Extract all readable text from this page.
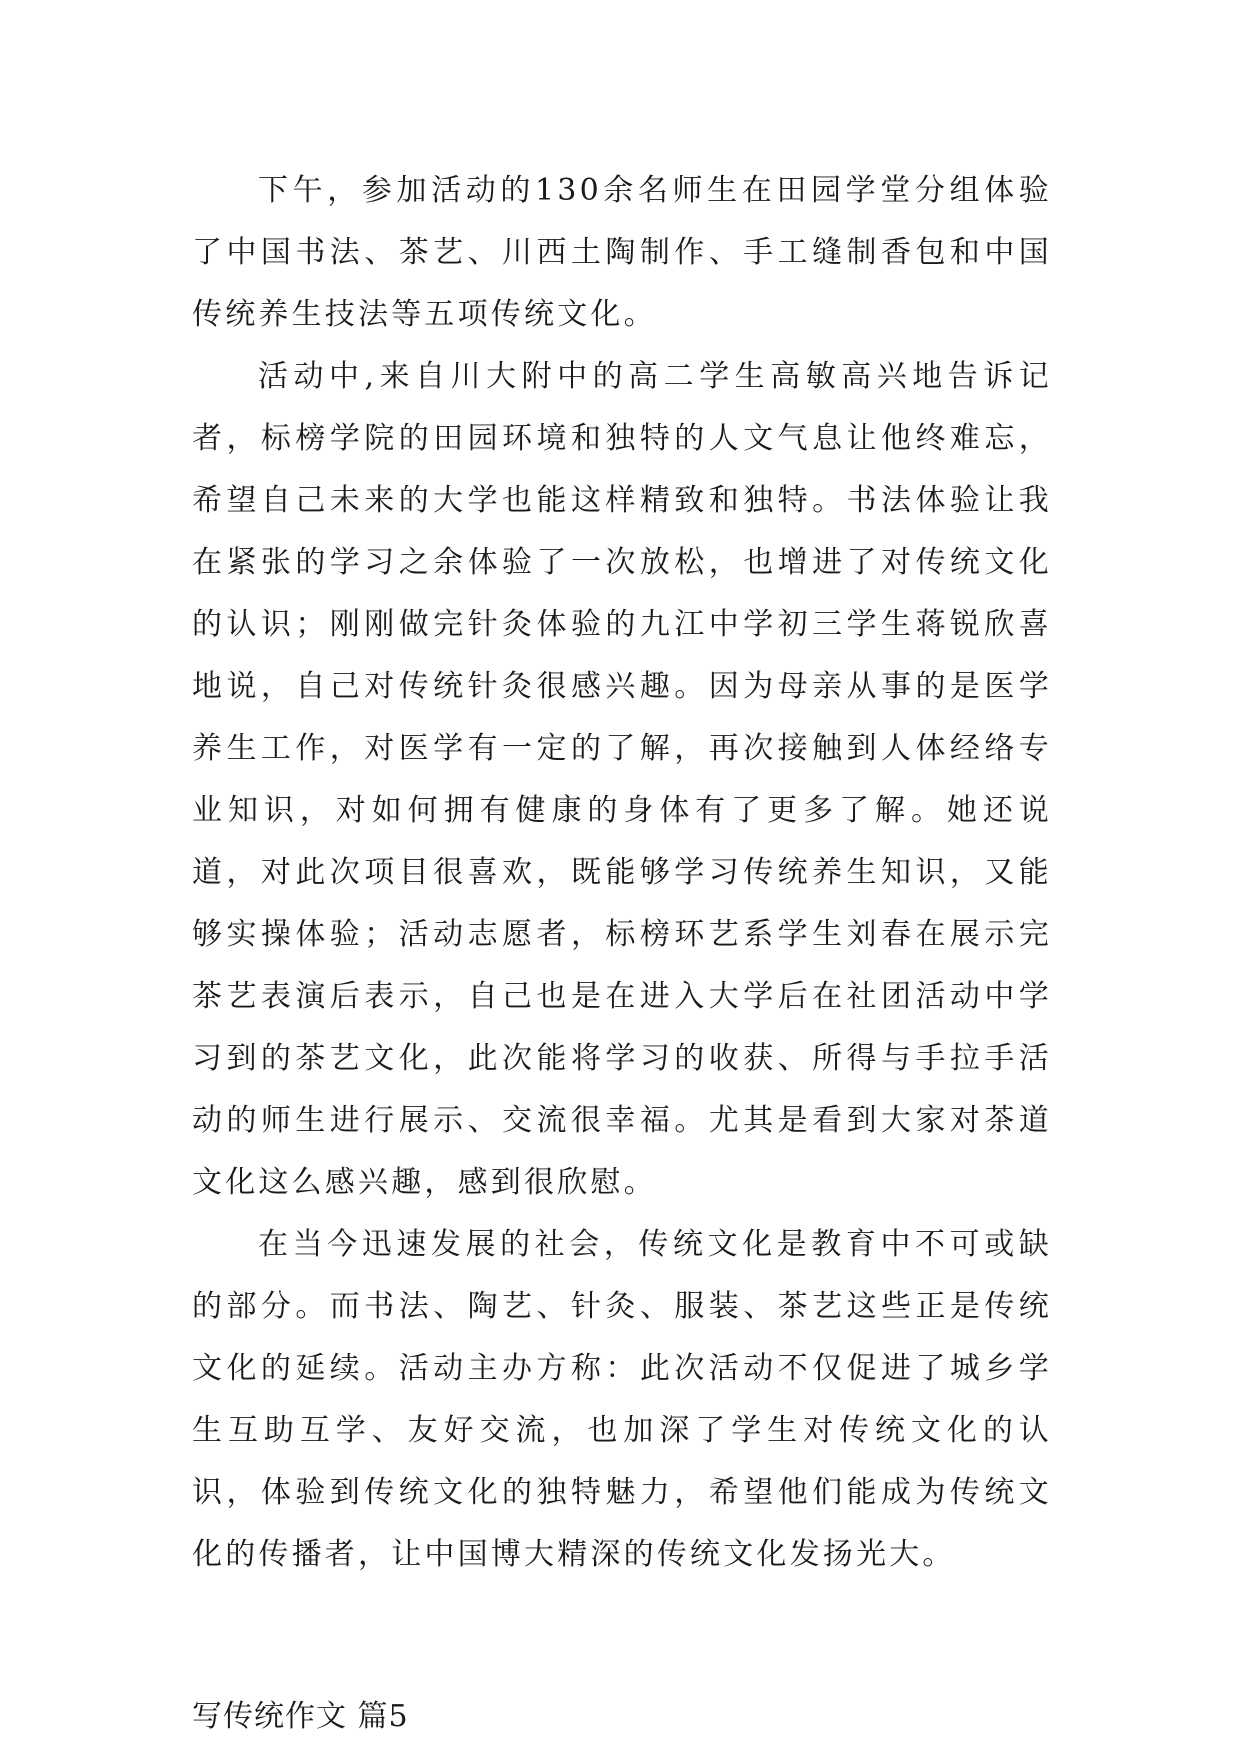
下午，参加活动的130余名师生在田园学堂分组体验了中国书法、茶艺、川西土陶制作、手工缝制香包和中国传统养生技法等五项传统文化。

活动中,来自川大附中的高二学生高敏高兴地告诉记者，标榜学院的田园环境和独特的人文气息让他终难忘，希望自己未来的大学也能这样精致和独特。书法体验让我在紧张的学习之余体验了一次放松，也增进了对传统文化的认识；刚刚做完针灸体验的九江中学初三学生蒋锐欣喜地说，自己对传统针灸很感兴趣。因为母亲从事的是医学养生工作，对医学有一定的了解，再次接触到人体经络专业知识，对如何拥有健康的身体有了更多了解。她还说道，对此次项目很喜欢，既能够学习传统养生知识，又能够实操体验；活动志愿者，标榜环艺系学生刘春在展示完茶艺表演后表示，自己也是在进入大学后在社团活动中学习到的茶艺文化，此次能将学习的收获、所得与手拉手活动的师生进行展示、交流很幸福。尤其是看到大家对茶道文化这么感兴趣，感到很欣慰。

在当今迅速发展的社会，传统文化是教育中不可或缺的部分。而书法、陶艺、针灸、服装、茶艺这些正是传统文化的延续。活动主办方称：此次活动不仅促进了城乡学生互助互学、友好交流，也加深了学生对传统文化的认识，体验到传统文化的独特魅力，希望他们能成为传统文化的传播者，让中国博大精深的传统文化发扬光大。

写传统作文 篇5
